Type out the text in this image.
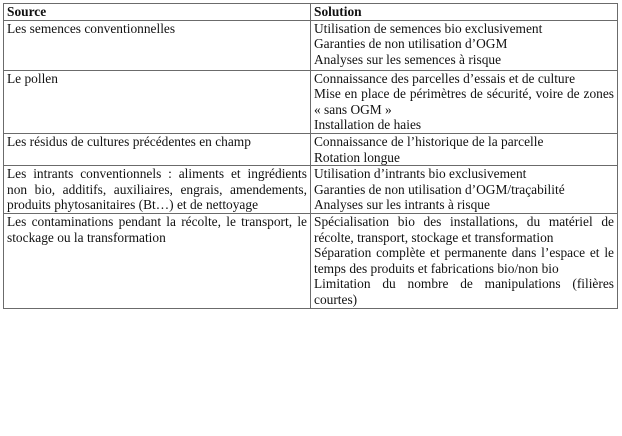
Source	Solution
Les semences conventionnelles	Utilisation de semences bio exclusivement
Garanties de non utilisation d’OGM
Analyses sur les semences à risque

Le pollen	Connaissance des parcelles d’essais et de culture
Mise en place de périmètres de sécurité, voire de zones « sans OGM »
Installation de haies

Les résidus de cultures précédentes en champ	Connaissance de l’historique de la parcelle
Rotation longue

Les intrants conventionnels : aliments et ingrédients non bio, additifs, auxiliaires, engrais, amendements, produits phytosanitaires (Bt…) et de nettoyage	Utilisation d’intrants bio exclusivement
Garanties de non utilisation d’OGM/traçabilité
Analyses sur les intrants à risque

Les contaminations pendant la récolte, le transport, le stockage ou la transformation	Spécialisation bio des installations, du matériel de récolte, transport, stockage et transformation
Séparation complète et permanente dans l’espace et le temps des produits et fabrications bio/non bio
Limitation du nombre de manipulations (filières courtes)
